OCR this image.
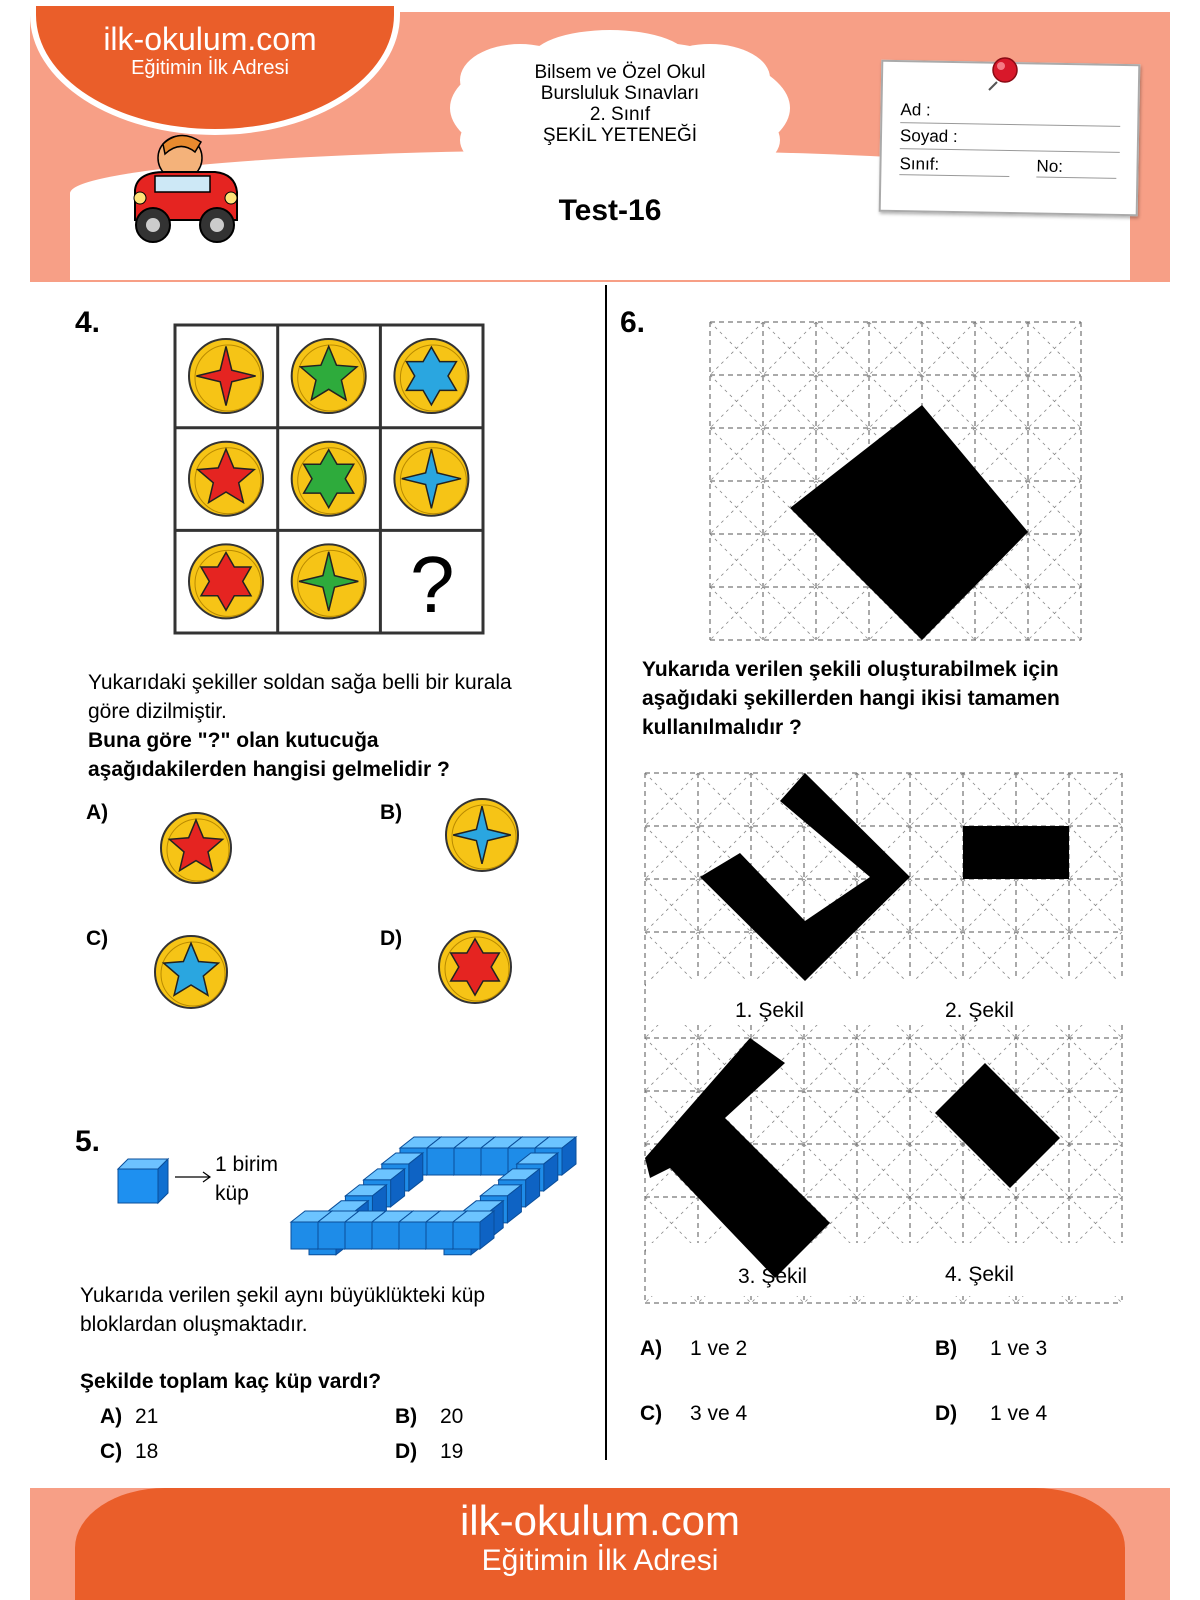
ilk-okulum.com
Eğitimin İlk Adresi	Bilsem ve Özel Okul
Bursluluk Sınavları
2. Sınıf
ŞEKİL YETENEĞİ
Test-16
Ad :
Soyad :
Sınıf:	No:
4.
?
Yukarıdaki şekiller soldan sağa belli bir kurala
göre dizilmiştir.
Buna göre "?" olan kutucuğa
aşağıdakilerden hangisi gelmelidir ?
A)	B)
C)	D)
5.
1 birim
küp
Yukarıda verilen şekil aynı büyüklükteki küp
bloklardan oluşmaktadır.
Şekilde toplam kaç küp vardı?
A) 21	B) 20
C) 18	D) 19
6.
Yukarıda verilen şekili oluşturabilmek için
aşağıdaki şekillerden hangi ikisi tamamen
kullanılmalıdır ?
1. Şekil	2. Şekil
3. Şekil	4. Şekil
A) 1 ve 2	B) 1 ve 3
C) 3 ve 4	D) 1 ve 4
ilk-okulum.com
Eğitimin İlk Adresi
